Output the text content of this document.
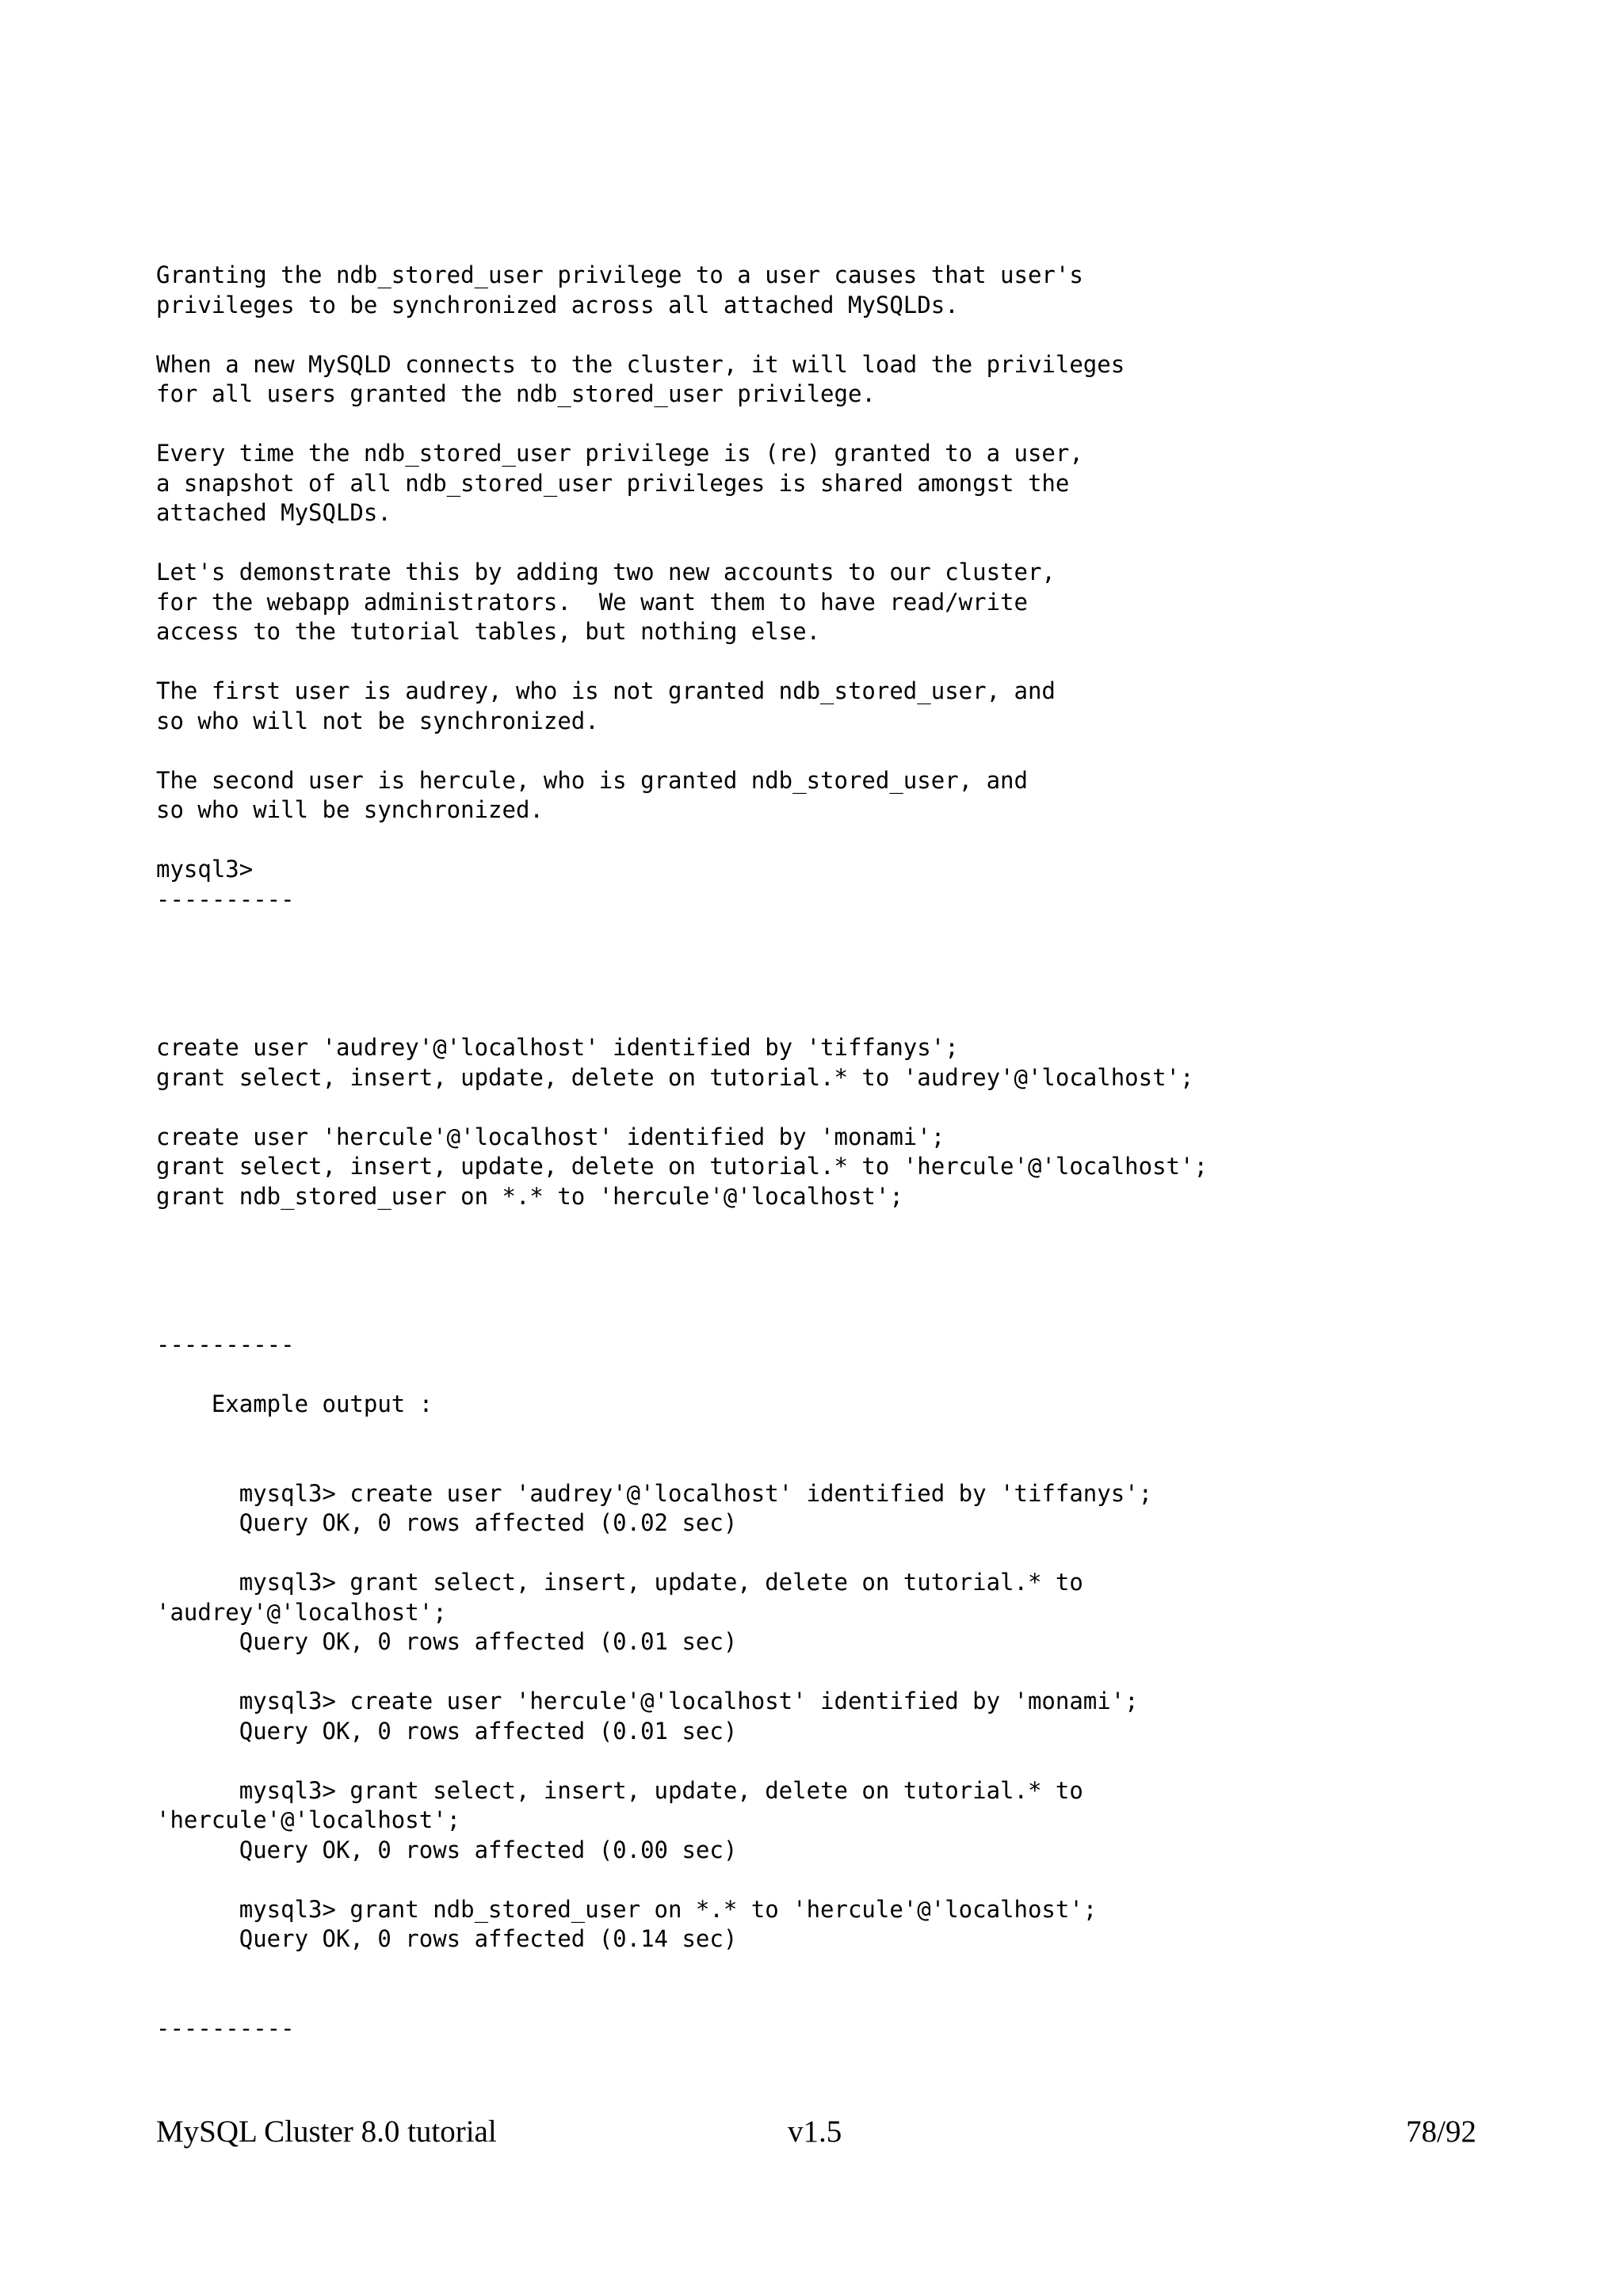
Granting the ndb_stored_user privilege to a user causes that user's
privileges to be synchronized across all attached MySQLDs.
When a new MySQLD connects to the cluster, it will load the privileges
for all users granted the ndb_stored_user privilege.
Every time the ndb_stored_user privilege is (re) granted to a user,
a snapshot of all ndb_stored_user privileges is shared amongst the
attached MySQLDs.
Let's demonstrate this by adding two new accounts to our cluster,
for the webapp administrators.  We want them to have read/write
access to the tutorial tables, but nothing else.
The first user is audrey, who is not granted ndb_stored_user, and
so who will not be synchronized.
The second user is hercule, who is granted ndb_stored_user, and
so who will be synchronized.
mysql3>
----------
create user 'audrey'@'localhost' identified by 'tiffanys';
grant select, insert, update, delete on tutorial.* to 'audrey'@'localhost';
create user 'hercule'@'localhost' identified by 'monami';
grant select, insert, update, delete on tutorial.* to 'hercule'@'localhost';
grant ndb_stored_user on *.* to 'hercule'@'localhost';
----------
Example output :
mysql3> create user 'audrey'@'localhost' identified by 'tiffanys';
Query OK, 0 rows affected (0.02 sec)
mysql3> grant select, insert, update, delete on tutorial.* to
'audrey'@'localhost';
Query OK, 0 rows affected (0.01 sec)
mysql3> create user 'hercule'@'localhost' identified by 'monami';
Query OK, 0 rows affected (0.01 sec)
mysql3> grant select, insert, update, delete on tutorial.* to
'hercule'@'localhost';
Query OK, 0 rows affected (0.00 sec)
mysql3> grant ndb_stored_user on *.* to 'hercule'@'localhost';
Query OK, 0 rows affected (0.14 sec)
----------
MySQL Cluster 8.0 tutorial	v1.5	78/92
